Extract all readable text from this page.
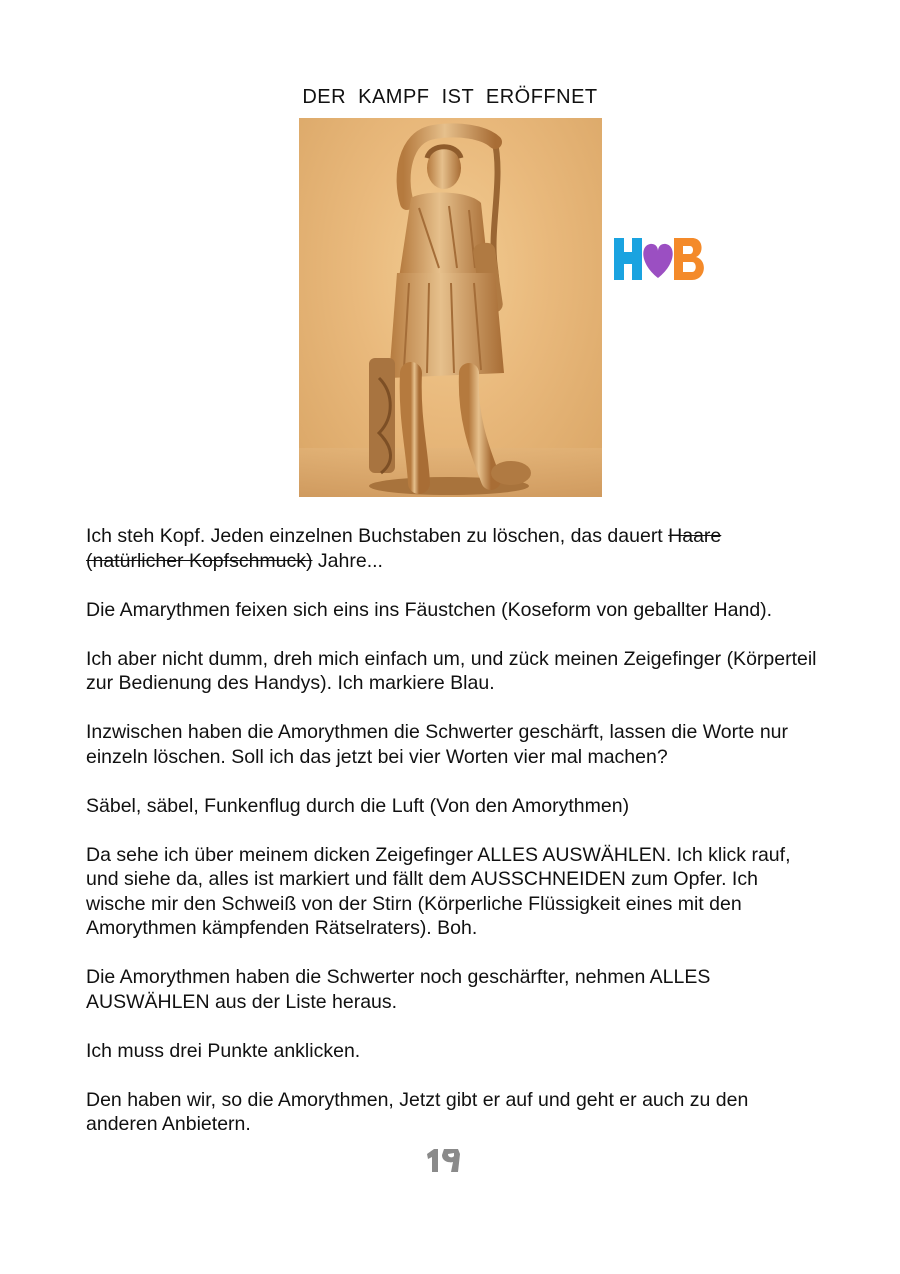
DER KAMPF IST ERÖFFNET

Ich steh Kopf. Jeden einzelnen Buchstaben zu löschen, das dauert Haare (natürlicher Kopfschmuck) Jahre...

Die Amarythmen feixen sich eins ins Fäustchen (Koseform von geballter Hand).

Ich aber nicht dumm, dreh mich einfach um, und zück meinen Zeigefinger (Körperteil zur Bedienung des Handys). Ich markiere Blau.

Inzwischen haben die Amorythmen die Schwerter geschärft, lassen die Worte nur einzeln löschen. Soll ich das jetzt bei vier Worten vier mal machen?

Säbel, säbel, Funkenflug durch die Luft (Von den Amorythmen)

Da sehe ich über meinem dicken Zeigefinger ALLES AUSWÄHLEN. Ich klick rauf, und siehe da, alles ist markiert und fällt dem AUSSCHNEIDEN zum Opfer. Ich wische mir den Schweiß von der Stirn (Körperliche Flüssigkeit eines mit den Amorythmen kämpfenden Rätselraters). Boh.

Die Amorythmen haben die Schwerter noch geschärfter, nehmen ALLES AUSWÄHLEN aus der Liste heraus.

Ich muss drei Punkte anklicken.

Den haben wir, so die Amorythmen, Jetzt gibt er auf und geht er auch zu den anderen Anbietern.
